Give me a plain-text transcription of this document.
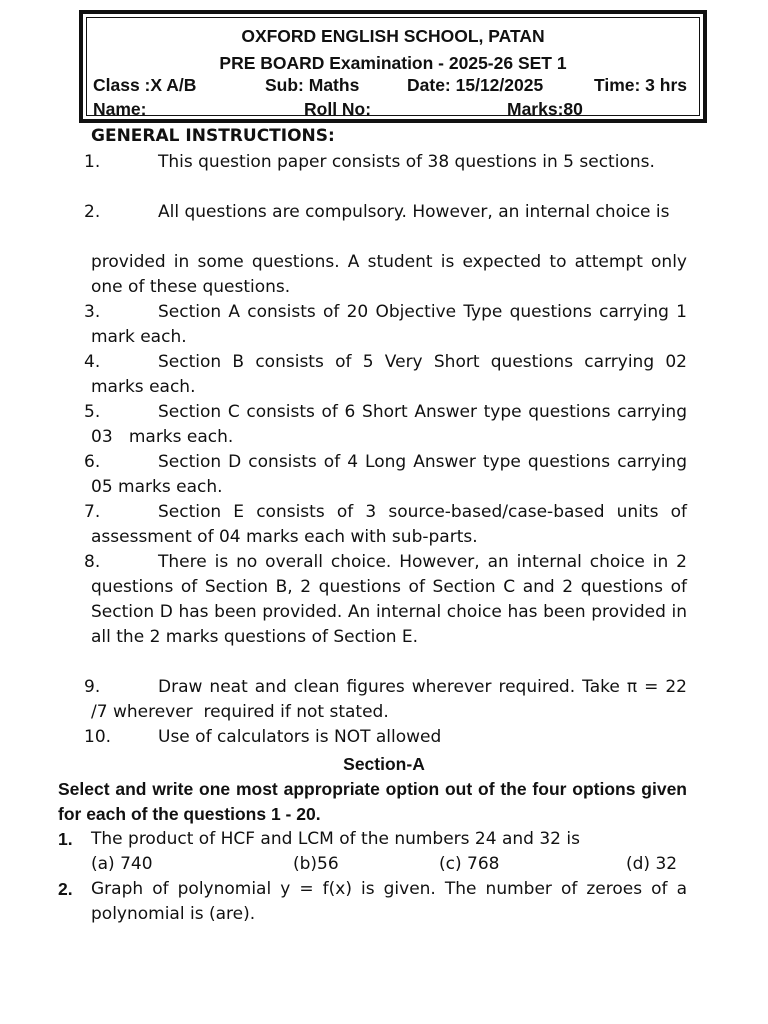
OXFORD ENGLISH SCHOOL, PATAN
PRE BOARD Examination - 2025-26 SET 1
Class :X A/B	Sub: Maths	Date: 15/12/2025	Time: 3 hrs
Name:	Roll No:	Marks:80
GENERAL INSTRUCTIONS:
1.	This question paper consists of 38 questions in 5 sections.
2.	All questions are compulsory. However, an internal choice is
provided in some questions. A student is expected to attempt only one of these questions.
3.	Section A consists of 20 Objective Type questions carrying 1 mark each.
4.	Section B consists of 5 Very Short questions carrying 02 marks each.
5.	Section C consists of 6 Short Answer type questions carrying 03   marks each.
6.	Section D consists of 4 Long Answer type questions carrying 05 marks each.
7.	Section E consists of 3 source-based/case-based units of assessment of 04 marks each with sub-parts.
8.	There is no overall choice. However, an internal choice in 2 questions of Section B, 2 questions of Section C and 2 questions of Section D has been provided. An internal choice has been provided in all the 2 marks questions of Section E.
9.	Draw neat and clean figures wherever required. Take π = 22 /7 wherever  required if not stated.
10.	Use of calculators is NOT allowed
Section-A
Select and write one most appropriate option out of the four options given for each of the questions 1 - 20.
1. The product of HCF and LCM of the numbers 24 and 32 is
(a) 740	(b)56	(c) 768	(d) 32
2. Graph of polynomial y = f(x) is given. The number of zeroes of a polynomial is (are).
